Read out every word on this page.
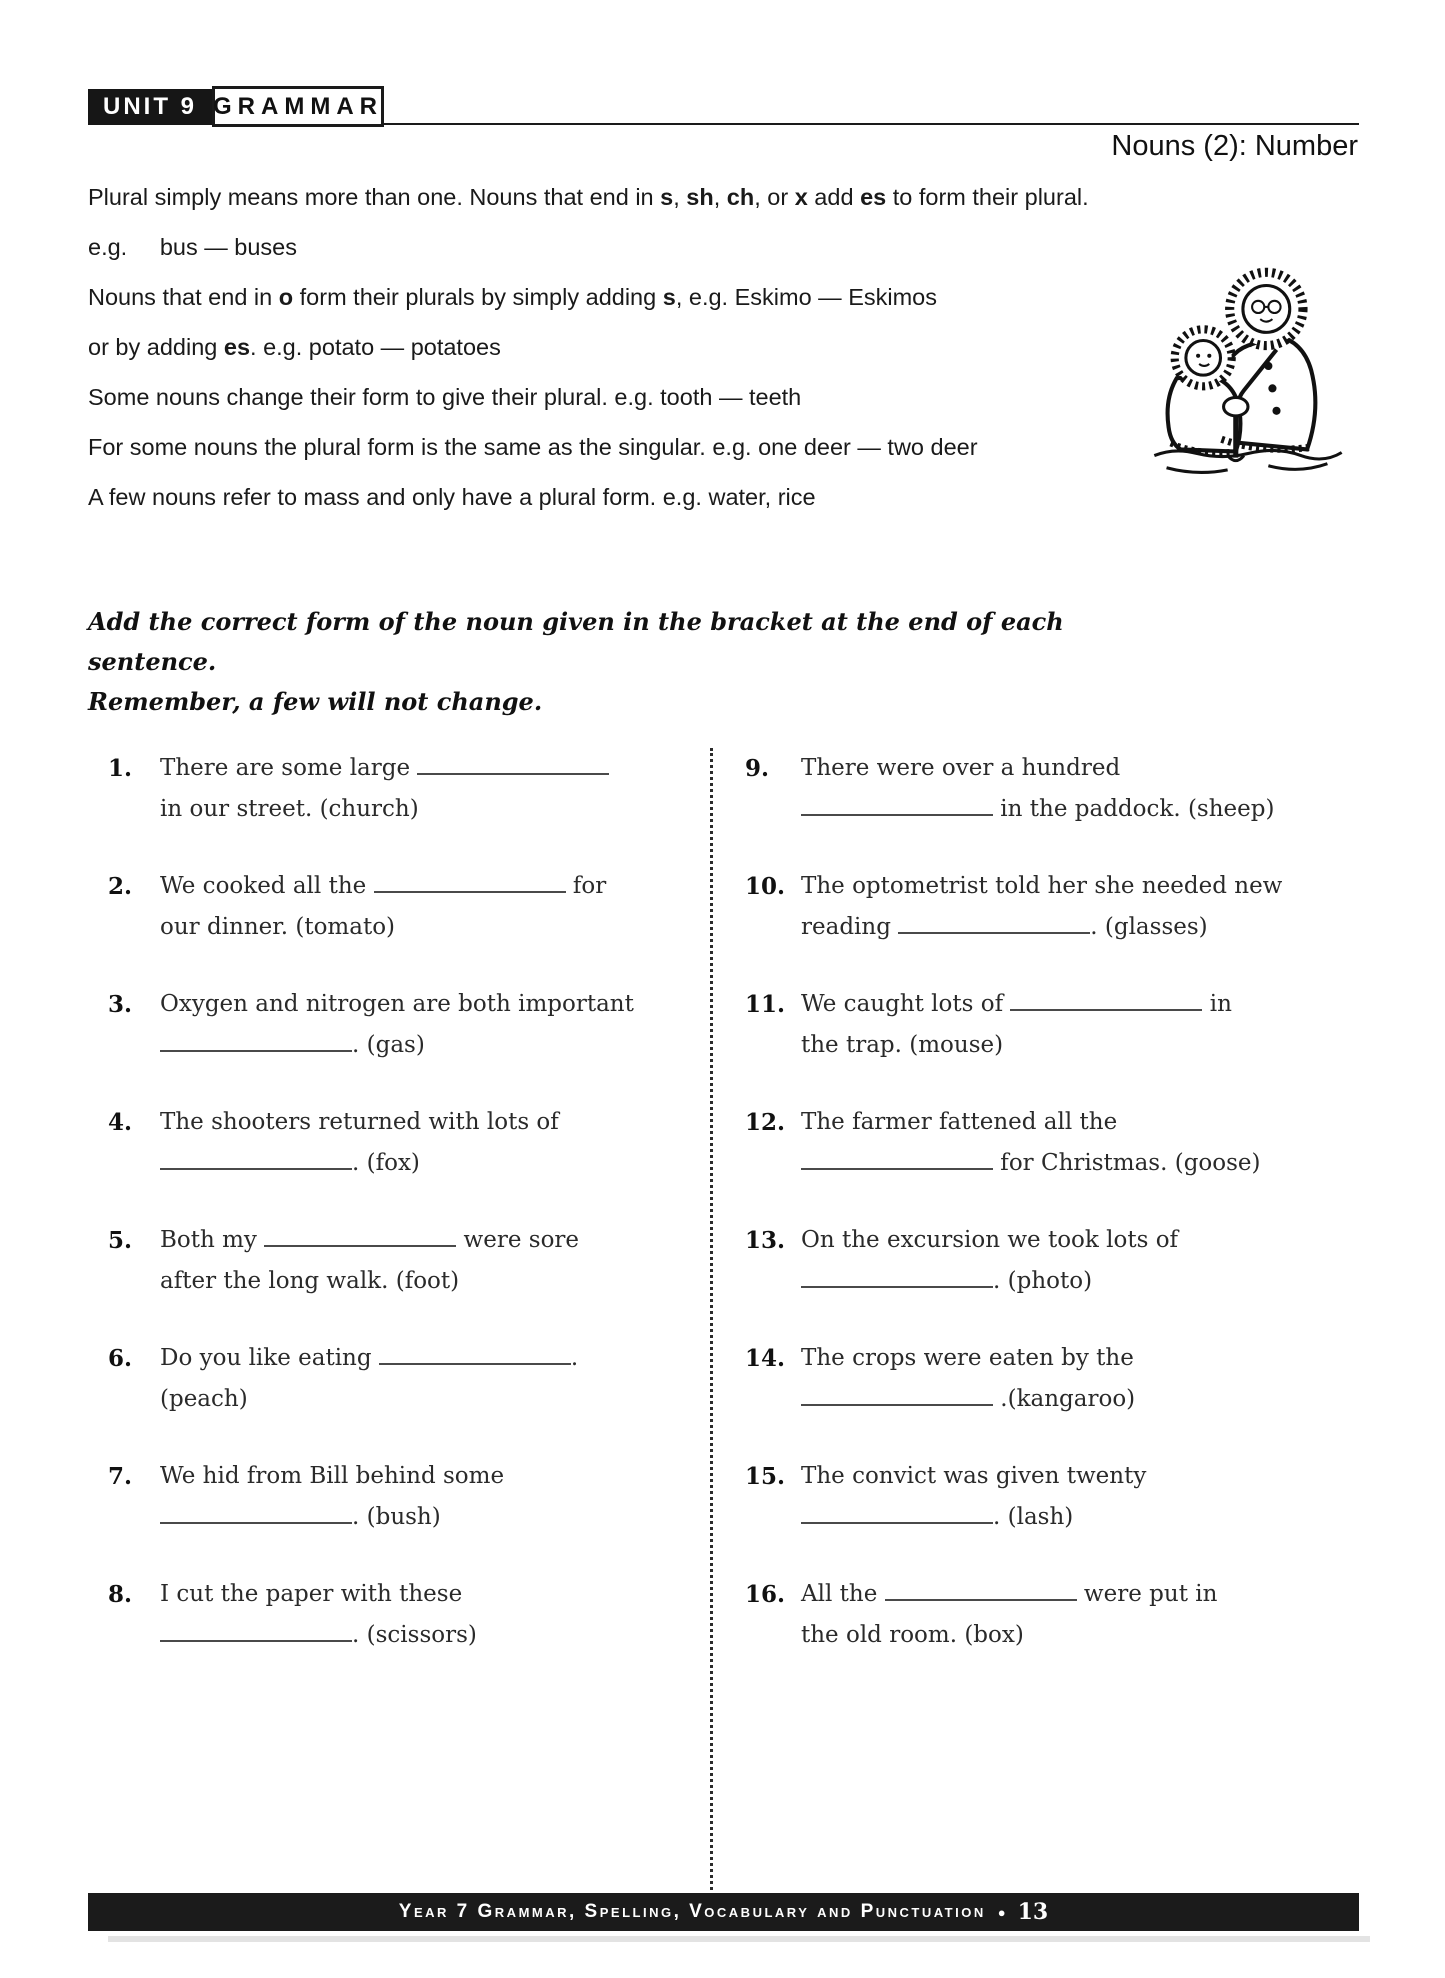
UNIT 9 GRAMMAR
Nouns (2): Number
Plural simply means more than one. Nouns that end in s, sh, ch, or x add es to form their plural.
e.g.     bus — buses
Nouns that end in o form their plurals by simply adding s, e.g. Eskimo — Eskimos
or by adding es. e.g. potato — potatoes
Some nouns change their form to give their plural. e.g. tooth — teeth
For some nouns the plural form is the same as the singular. e.g. one deer — two deer
A few nouns refer to mass and only have a plural form. e.g. water, rice
Add the correct form of the noun given in the bracket at the end of each sentence.
Remember, a few will not change.
1.	There are some large
in our street. (church)
2.	We cooked all the	for
our dinner. (tomato)
3.	Oxygen and nitrogen are both important
. (gas)
4.	The shooters returned with lots of
. (fox)
5.	Both my	were sore
after the long walk. (foot)
6.	Do you like eating	.
(peach)
7.	We hid from Bill behind some
. (bush)
8.	I cut the paper with these
. (scissors)
9.	There were over a hundred
in the paddock. (sheep)
10. The optometrist told her she needed new
reading	. (glasses)
11. We caught lots of	in
the trap. (mouse)
12. The farmer fattened all the
for Christmas. (goose)
13. On the excursion we took lots of
. (photo)
14. The crops were eaten by the
.(kangaroo)
15. The convict was given twenty
. (lash)
16. All the	were put in
the old room. (box)
Year 7 Grammar, Spelling, Vocabulary and Punctuation ● 13
